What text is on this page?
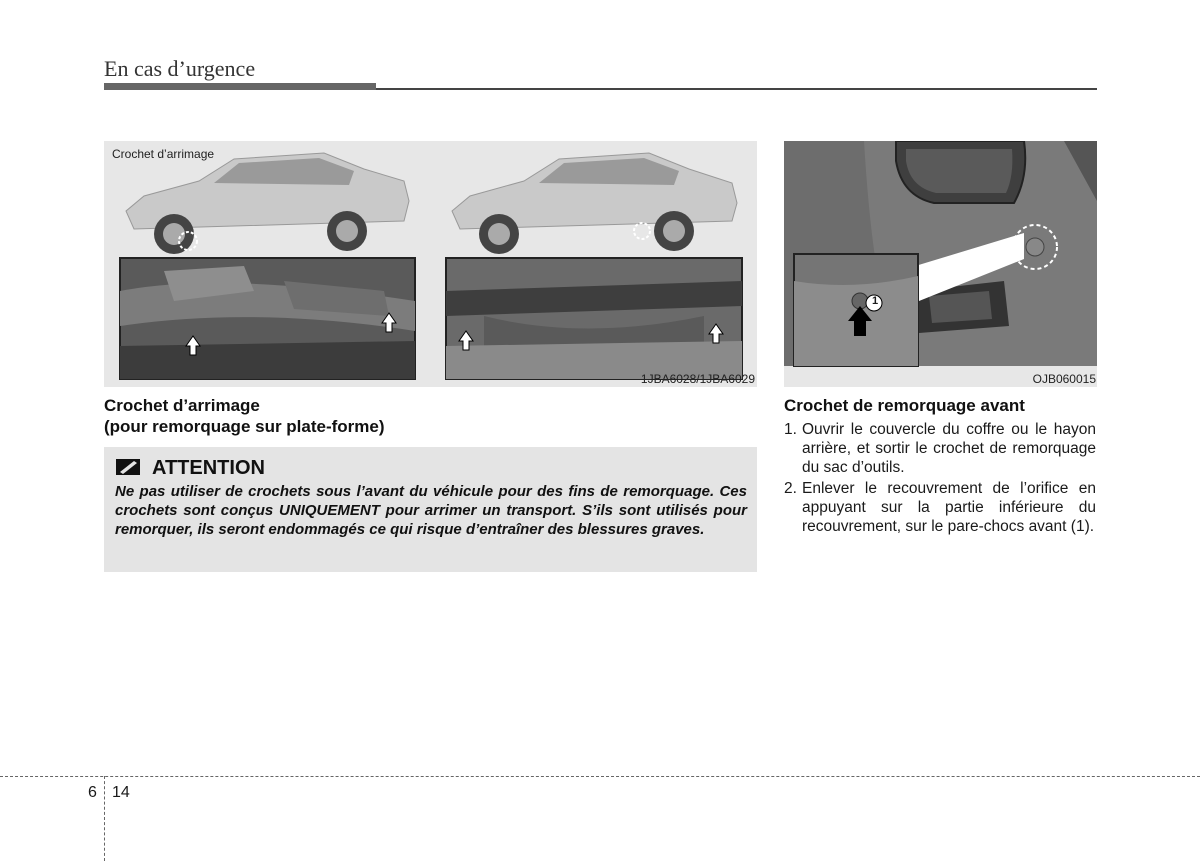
En cas d’urgence
Crochet d’arrimage
1JBA6028/1JBA6029
1
OJB060015
Crochet d’arrimage
(pour remorquage sur plate-forme)
ATTENTION
Ne pas utiliser de crochets sous l’avant du véhicule pour des fins de remorquage. Ces crochets sont conçus UNIQUEMENT pour arrimer un transport. S’ils sont utilisés pour remorquer, ils seront endommagés ce qui risque d’entraîner des blessures graves.
Crochet de remorquage avant
1. Ouvrir le couvercle du coffre ou le hayon arrière, et sortir le crochet de remorquage du sac d’outils.
2. Enlever le recouvrement de l’orifice en appuyant sur la partie inférieure du recouvrement, sur le pare-chocs avant (1).
6 14
